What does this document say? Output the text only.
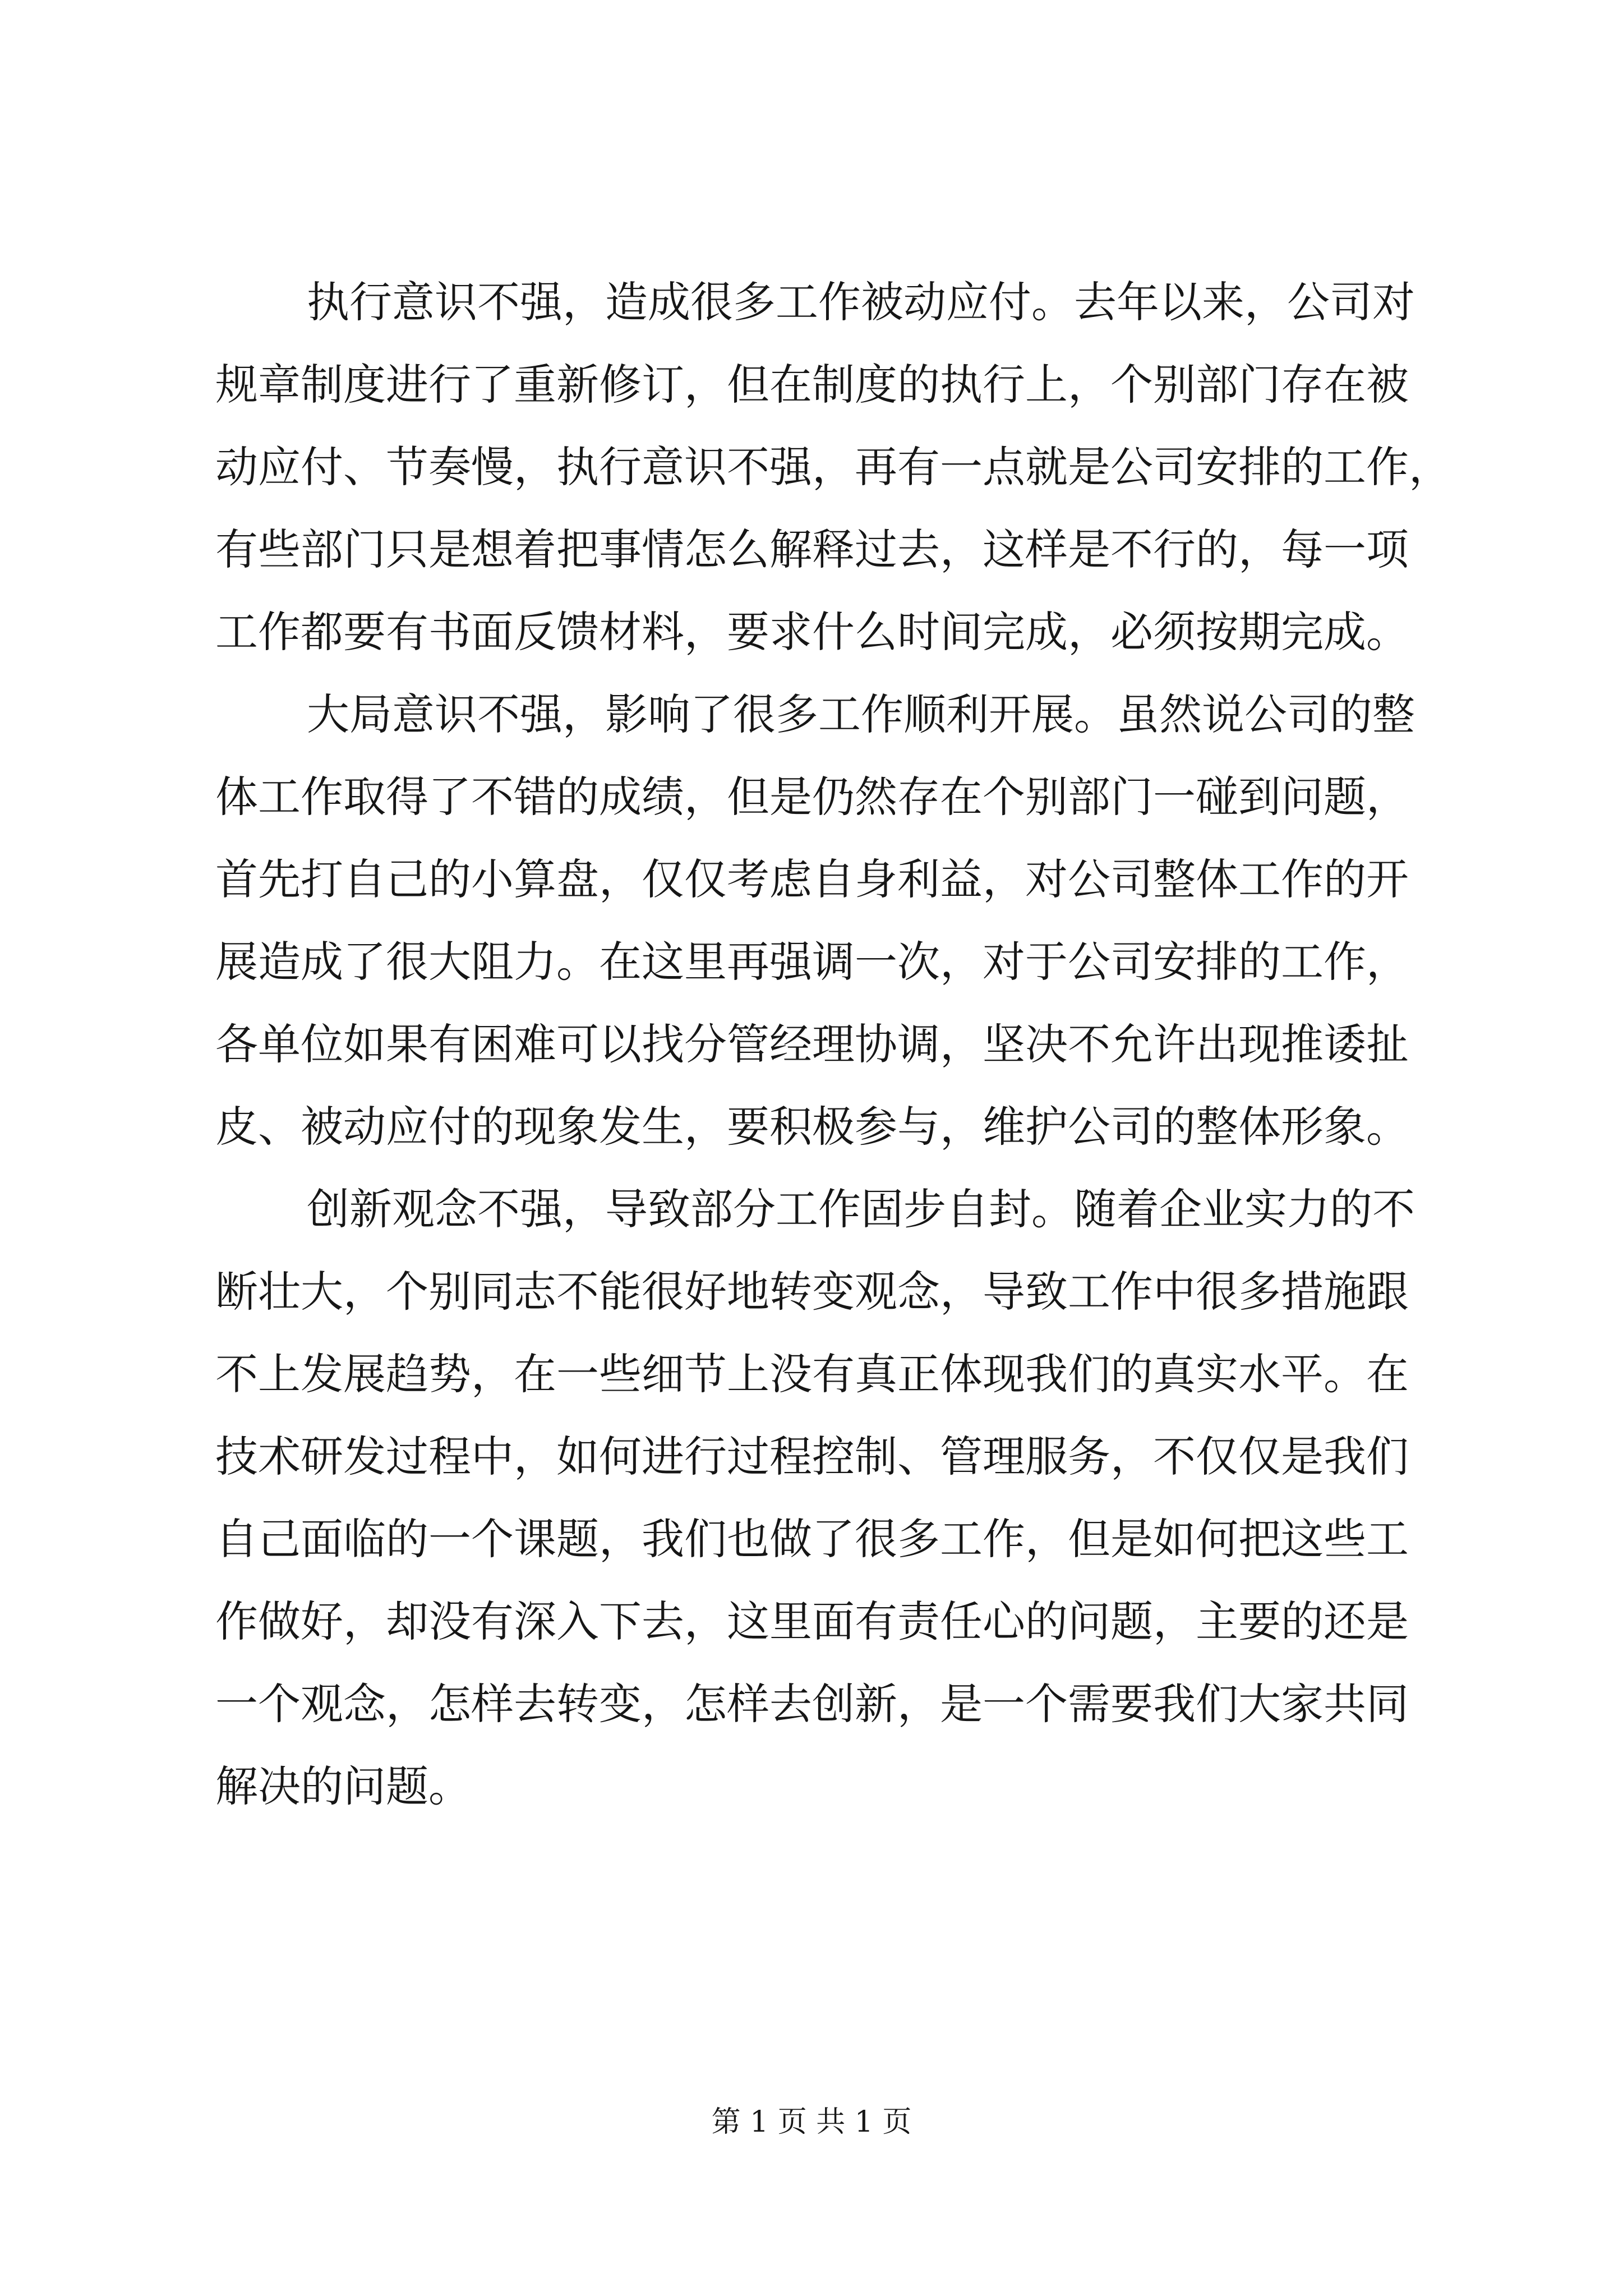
执行意识不强，造成很多工作被动应付。去年以来，公司对
规章制度进行了重新修订，但在制度的执行上，个别部门存在被
动应付、节奏慢，执行意识不强，再有一点就是公司安排的工作，
有些部门只是想着把事情怎么解释过去，这样是不行的，每一项
工作都要有书面反馈材料，要求什么时间完成，必须按期完成。
大局意识不强，影响了很多工作顺利开展。虽然说公司的整
体工作取得了不错的成绩，但是仍然存在个别部门一碰到问题，
首先打自己的小算盘，仅仅考虑自身利益，对公司整体工作的开
展造成了很大阻力。在这里再强调一次，对于公司安排的工作，
各单位如果有困难可以找分管经理协调，坚决不允许出现推诿扯
皮、被动应付的现象发生，要积极参与，维护公司的整体形象。
创新观念不强，导致部分工作固步自封。随着企业实力的不
断壮大，个别同志不能很好地转变观念，导致工作中很多措施跟
不上发展趋势，在一些细节上没有真正体现我们的真实水平。在
技术研发过程中，如何进行过程控制、管理服务，不仅仅是我们
自己面临的一个课题，我们也做了很多工作，但是如何把这些工
作做好，却没有深入下去，这里面有责任心的问题，主要的还是
一个观念，怎样去转变，怎样去创新，是一个需要我们大家共同
解决的问题。
第 1 页 共 1 页
